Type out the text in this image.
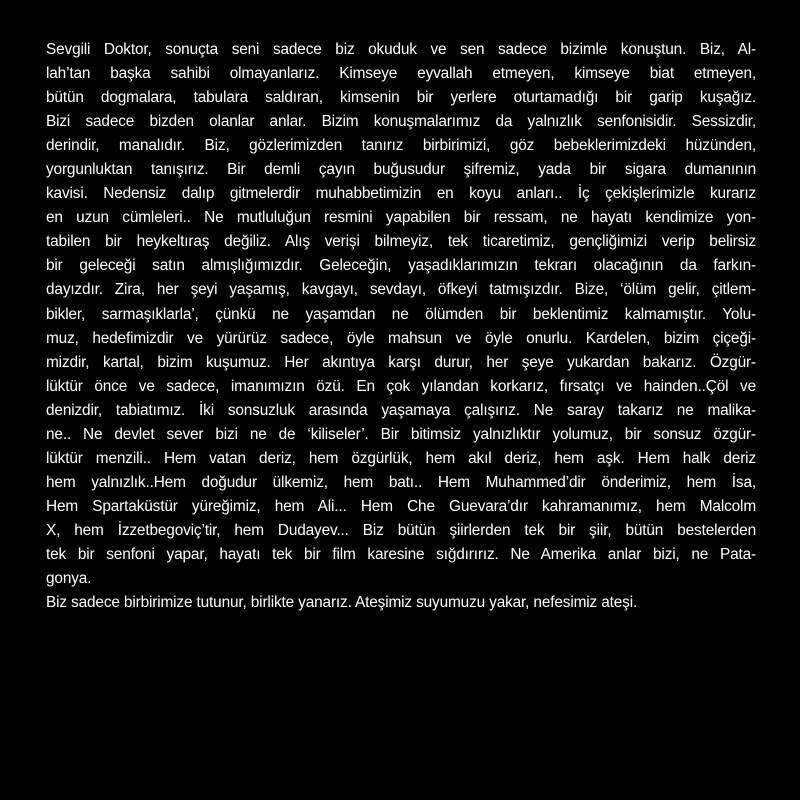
Sevgili Doktor, sonuçta seni sadece biz okuduk ve sen sadece bizimle konuştun. Biz, Al-
lah’tan başka sahibi olmayanlarız. Kimseye eyvallah etmeyen, kimseye biat etmeyen,
bütün dogmalara, tabulara saldıran, kimsenin bir yerlere oturtamadığı bir garip kuşağız.
Bizi sadece bizden olanlar anlar. Bizim konuşmalarımız da yalnızlık senfonisidir. Sessizdir,
derindir, manalıdır. Biz, gözlerimizden tanırız birbirimizi, göz bebeklerimizdeki hüzünden,
yorgunluktan tanışırız. Bir demli çayın buğusudur şifremiz, yada bir sigara dumanının
kavisi. Nedensiz dalıp gitmelerdir muhabbetimizin en koyu anları.. İç çekişlerimizle kurarız
en uzun cümleleri.. Ne mutluluğun resmini yapabilen bir ressam, ne hayatı kendimize yon-
tabilen bir heykeltıraş değiliz. Alış verişi bilmeyiz, tek ticaretimiz, gençliğimizi verip belirsiz
bir geleceği satın almışlığımızdır. Geleceğin, yaşadıklarımızın tekrarı olacağının da farkın-
dayızdır. Zira, her şeyi yaşamış, kavgayı, sevdayı, öfkeyi tatmışızdır. Bize, ‘ölüm gelir, çitlem-
bikler, sarmaşıklarla’, çünkü ne yaşamdan ne ölümden bir beklentimiz kalmamıştır. Yolu-
muz, hedefimizdir ve yürürüz sadece, öyle mahsun ve öyle onurlu. Kardelen, bizim çiçeği-
mizdir, kartal, bizim kuşumuz. Her akıntıya karşı durur, her şeye yukardan bakarız. Özgür-
lüktür önce ve sadece, imanımızın özü. En çok yılandan korkarız, fırsatçı ve hainden..Çöl ve
denizdir, tabiatımız. İki sonsuzluk arasında yaşamaya çalışırız. Ne saray takarız ne malika-
ne.. Ne devlet sever bizi ne de ‘kiliseler’. Bir bitimsiz yalnızlıktır yolumuz, bir sonsuz özgür-
lüktür menzili.. Hem vatan deriz, hem özgürlük, hem akıl deriz, hem aşk. Hem halk deriz
hem yalnızlık..Hem doğudur ülkemiz, hem batı.. Hem Muhammed’dir önderimiz, hem İsa,
Hem Spartaküstür yüreğimiz, hem Ali... Hem Che Guevara’dır kahramanımız, hem Malcolm
X, hem İzzetbegoviç’tir, hem Dudayev... Biz bütün şiirlerden tek bir şiir, bütün bestelerden
tek bir senfoni yapar, hayatı tek bir film karesine sığdırırız. Ne Amerika anlar bizi, ne Pata-
gonya.
Biz sadece birbirimize tutunur, birlikte yanarız. Ateşimiz suyumuzu yakar, nefesimiz ateşi.
